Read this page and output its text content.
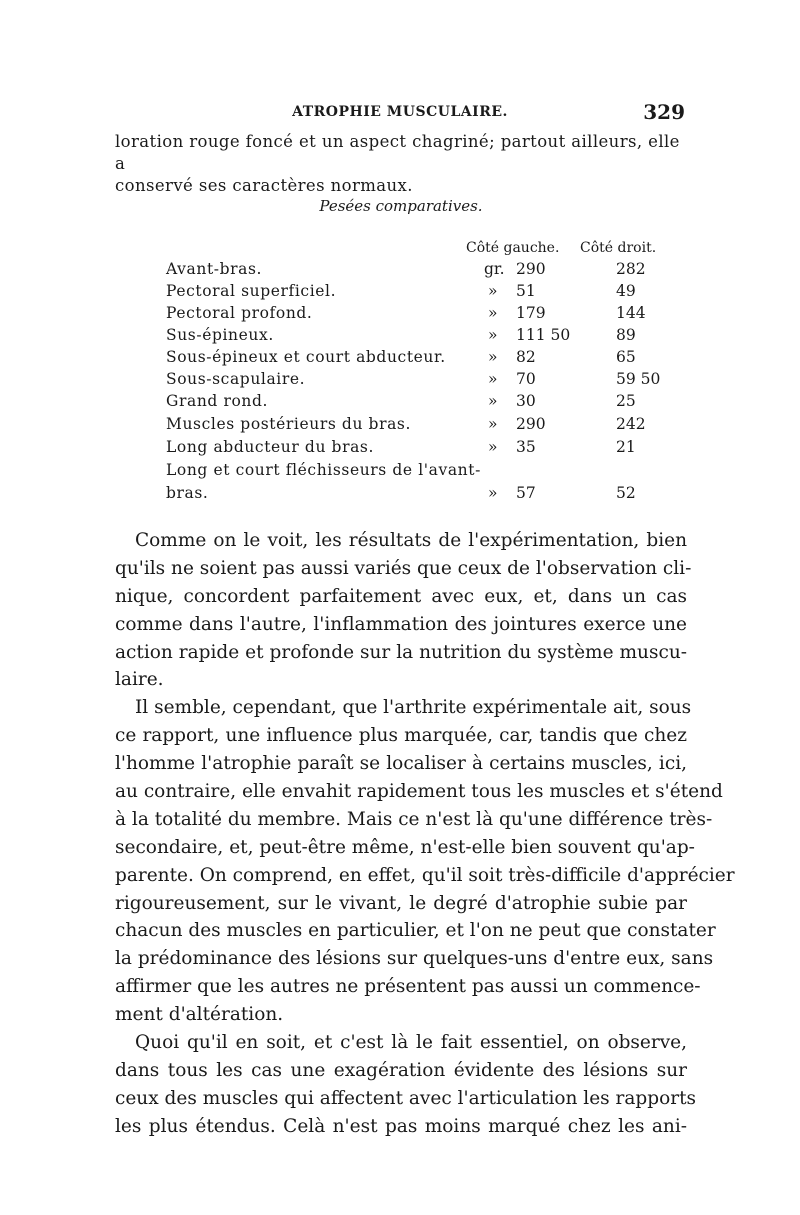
ATROPHIE MUSCULAIRE.	329
loration rouge foncé et un aspect chagriné; partout ailleurs, elle a
conservé ses caractères normaux.
Pesées comparatives.
Côté gauche. Côté droit.
Avant-bras.	gr. 290	282
Pectoral superficiel.	» 51	49
Pectoral profond.	» 179	144
Sus-épineux.	» 111 50	89
Sous-épineux et court abducteur.	» 82	65
Sous-scapulaire.	» 70	59 50
Grand rond.	» 30	25
Muscles postérieurs du bras.	» 290	242
Long abducteur du bras.	» 35	21
Long et court fléchisseurs de l'avant-
bras.	» 57	52
Comme on le voit, les résultats de l'expérimentation, bien
qu'ils ne soient pas aussi variés que ceux de l'observation cli-
nique, concordent parfaitement avec eux, et, dans un cas
comme dans l'autre, l'inflammation des jointures exerce une
action rapide et profonde sur la nutrition du système muscu-
laire.
Il semble, cependant, que l'arthrite expérimentale ait, sous
ce rapport, une influence plus marquée, car, tandis que chez
l'homme l'atrophie paraît se localiser à certains muscles, ici,
au contraire, elle envahit rapidement tous les muscles et s'étend
à la totalité du membre. Mais ce n'est là qu'une différence très-
secondaire, et, peut-être même, n'est-elle bien souvent qu'ap-
parente. On comprend, en effet, qu'il soit très-difficile d'apprécier
rigoureusement, sur le vivant, le degré d'atrophie subie par
chacun des muscles en particulier, et l'on ne peut que constater
la prédominance des lésions sur quelques-uns d'entre eux, sans
affirmer que les autres ne présentent pas aussi un commence-
ment d'altération.
Quoi qu'il en soit, et c'est là le fait essentiel, on observe,
dans tous les cas une exagération évidente des lésions sur
ceux des muscles qui affectent avec l'articulation les rapports
les plus étendus. Celà n'est pas moins marqué chez les ani-
